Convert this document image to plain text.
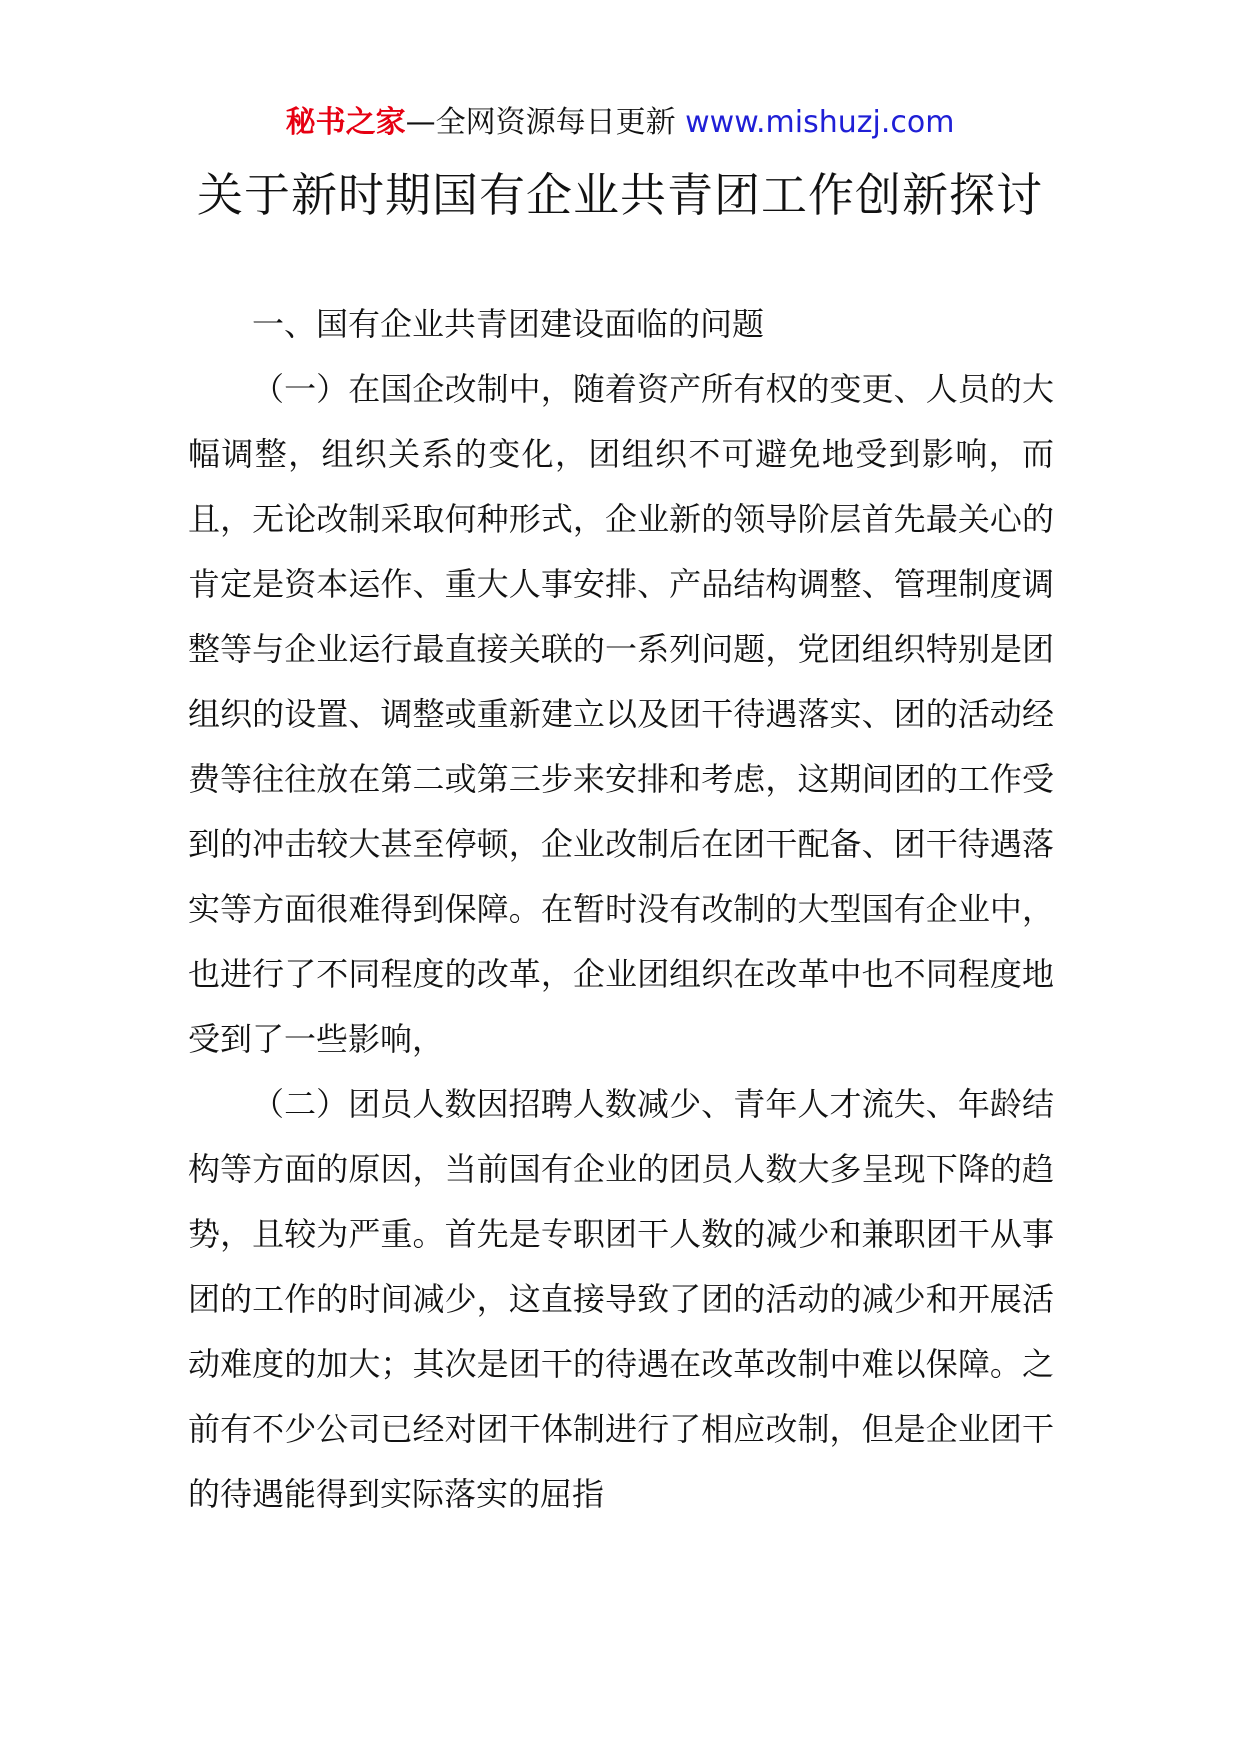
秘书之家—全网资源每日更新 www.mishuzj.com
关于新时期国有企业共青团工作创新探讨

一、国有企业共青团建设面临的问题

（一）在国企改制中，随着资产所有权的变更、人员的大幅调整，组织关系的变化，团组织不可避免地受到影响，而且，无论改制采取何种形式，企业新的领导阶层首先最关心的肯定是资本运作、重大人事安排、产品结构调整、管理制度调整等与企业运行最直接关联的一系列问题，党团组织特别是团组织的设置、调整或重新建立以及团干待遇落实、团的活动经费等往往放在第二或第三步来安排和考虑，这期间团的工作受到的冲击较大甚至停顿，企业改制后在团干配备、团干待遇落实等方面很难得到保障。在暂时没有改制的大型国有企业中，也进行了不同程度的改革，企业团组织在改革中也不同程度地受到了一些影响，

（二）团员人数因招聘人数减少、青年人才流失、年龄结构等方面的原因，当前国有企业的团员人数大多呈现下降的趋势，且较为严重。首先是专职团干人数的减少和兼职团干从事团的工作的时间减少，这直接导致了团的活动的减少和开展活动难度的加大；其次是团干的待遇在改革改制中难以保障。之前有不少公司已经对团干体制进行了相应改制，但是企业团干的待遇能得到实际落实的屈指
